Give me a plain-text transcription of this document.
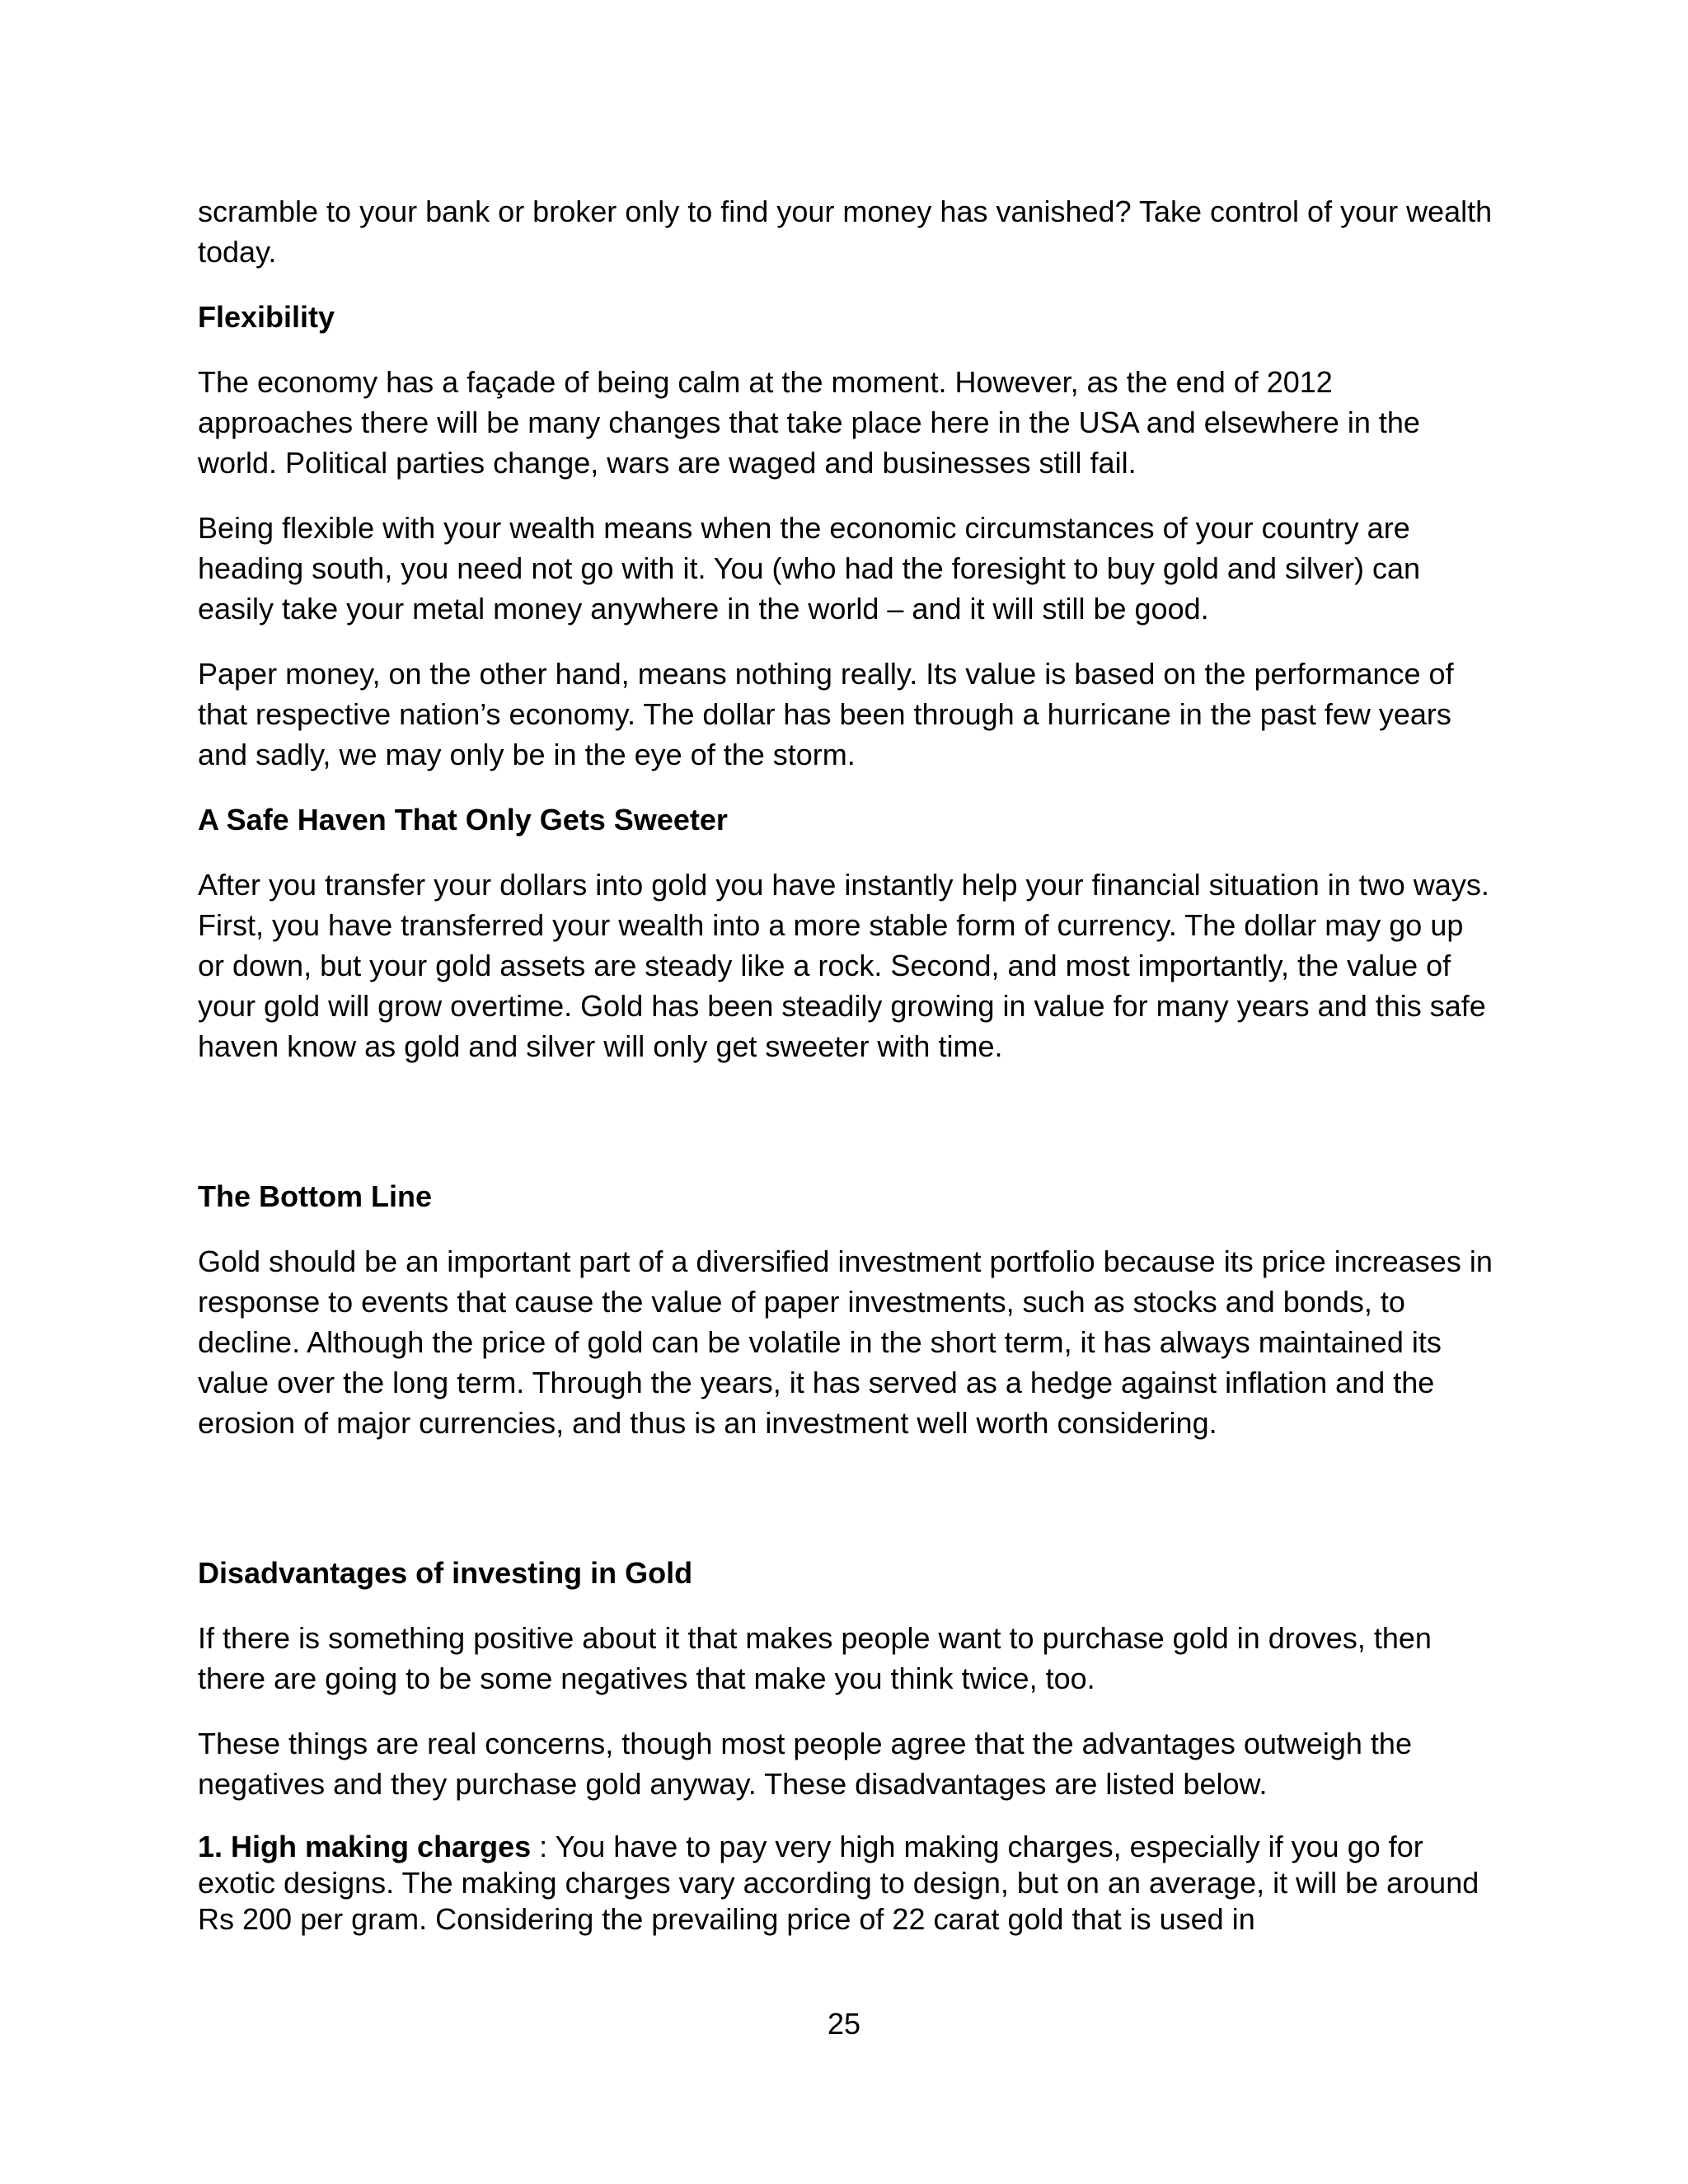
scramble to your bank or broker only to find your money has vanished? Take control of your wealth today.

Flexibility

The economy has a façade of being calm at the moment. However, as the end of 2012 approaches there will be many changes that take place here in the USA and elsewhere in the world. Political parties change, wars are waged and businesses still fail.

Being flexible with your wealth means when the economic circumstances of your country are heading south, you need not go with it. You (who had the foresight to buy gold and silver) can easily take your metal money anywhere in the world – and it will still be good.

Paper money, on the other hand, means nothing really. Its value is based on the performance of that respective nation’s economy. The dollar has been through a hurricane in the past few years and sadly, we may only be in the eye of the storm.

A Safe Haven That Only Gets Sweeter

After you transfer your dollars into gold you have instantly help your financial situation in two ways. First, you have transferred your wealth into a more stable form of currency. The dollar may go up or down, but your gold assets are steady like a rock. Second, and most importantly, the value of your gold will grow overtime. Gold has been steadily growing in value for many years and this safe haven know as gold and silver will only get sweeter with time.

The Bottom Line

Gold should be an important part of a diversified investment portfolio because its price increases in response to events that cause the value of paper investments, such as stocks and bonds, to decline. Although the price of gold can be volatile in the short term, it has always maintained its value over the long term. Through the years, it has served as a hedge against inflation and the erosion of major currencies, and thus is an investment well worth considering.

Disadvantages of investing in Gold

If there is something positive about it that makes people want to purchase gold in droves, then there are going to be some negatives that make you think twice, too.

These things are real concerns, though most people agree that the advantages outweigh the negatives and they purchase gold anyway. These disadvantages are listed below.

1. High making charges : You have to pay very high making charges, especially if you go for exotic designs. The making charges vary according to design, but on an average, it will be around Rs 200 per gram. Considering the prevailing price of 22 carat gold that is used in

25
